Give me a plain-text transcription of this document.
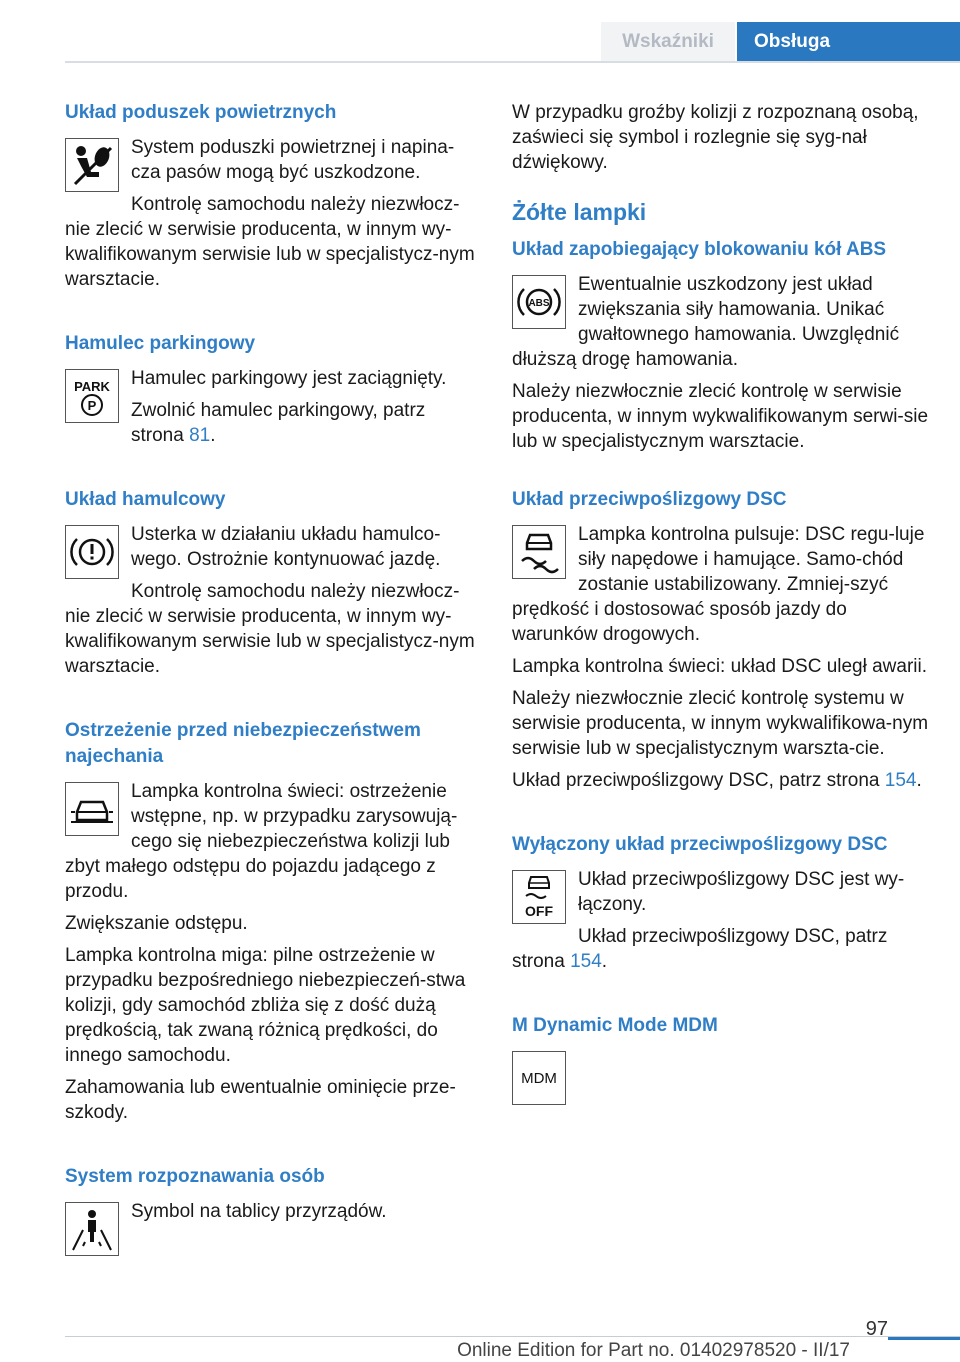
Wskaźniki	Obsługa
Układ poduszek powietrznych

System poduszki powietrznej i napina-cza pasów mogą być uszkodzone.

Kontrolę samochodu należy niezwłocz-nie zlecić w serwisie producenta, w innym wy-kwalifikowanym serwisie lub w specjalistycz-nym warsztacie.

Hamulec parkingowy
PARK
P

Hamulec parkingowy jest zaciągnięty.

Zwolnić hamulec parkingowy, patrz strona 81.

Układ hamulcowy

Usterka w działaniu układu hamulco-wego. Ostrożnie kontynuować jazdę.

Kontrolę samochodu należy niezwłocz-nie zlecić w serwisie producenta, w innym wy-kwalifikowanym serwisie lub w specjalistycz-nym warsztacie.

Ostrzeżenie przed niebezpieczeństwem najechania

Lampka kontrolna świeci: ostrzeżenie wstępne, np. w przypadku zarysowują-cego się niebezpieczeństwa kolizji lub zbyt małego odstępu do pojazdu jadącego z przodu.

Zwiększanie odstępu.

Lampka kontrolna miga: pilne ostrzeżenie w przypadku bezpośredniego niebezpieczeń-stwa kolizji, gdy samochód zbliża się z dość dużą prędkością, tak zwaną różnicą prędkości, do innego samochodu.

Zahamowania lub ewentualnie ominięcie prze-szkody.

System rozpoznawania osób

Symbol na tablicy przyrządów.

W przypadku groźby kolizji z rozpoznaną osobą, zaświeci się symbol i rozlegnie się syg-nał dźwiękowy.

Żółte lampki
Układ zapobiegający blokowaniu kół ABS
ABS

Ewentualnie uszkodzony jest układ zwiększania siły hamowania. Unikać gwałtownego hamowania. Uwzględnić dłuższą drogę hamowania.

Należy niezwłocznie zlecić kontrolę w serwisie producenta, w innym wykwalifikowanym serwi-sie lub w specjalistycznym warsztacie.

Układ przeciwpoślizgowy DSC

Lampka kontrolna pulsuje: DSC regu-luje siły napędowe i hamujące. Samo-chód zostanie ustabilizowany. Zmniej-szyć prędkość i dostosować sposób jazdy do warunków drogowych.

Lampka kontrolna świeci: układ DSC uległ awarii.

Należy niezwłocznie zlecić kontrolę systemu w serwisie producenta, w innym wykwalifikowa-nym serwisie lub w specjalistycznym warszta-cie.

Układ przeciwpoślizgowy DSC, patrz strona 154.

Wyłączony układ przeciwpoślizgowy DSC
OFF

Układ przeciwpoślizgowy DSC jest wy-łączony.

Układ przeciwpoślizgowy DSC, patrz strona 154.

M Dynamic Mode MDM
MDM
97
Online Edition for Part no. 01402978520 - II/17
